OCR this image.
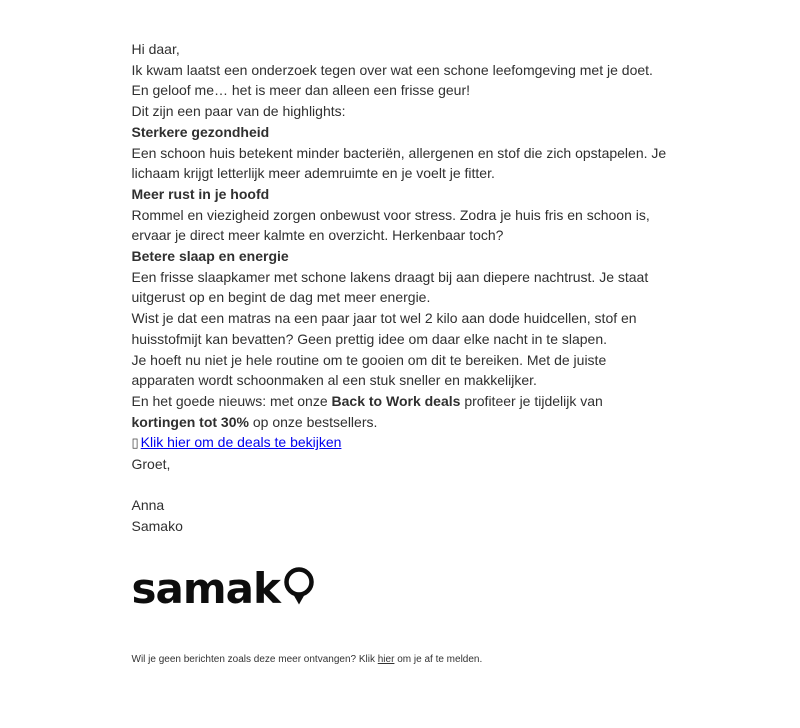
Hi daar,
Ik kwam laatst een onderzoek tegen over wat een schone leefomgeving met je doet.
En geloof me… het is meer dan alleen een frisse geur!
Dit zijn een paar van de highlights:
Sterkere gezondheid
Een schoon huis betekent minder bacteriën, allergenen en stof die zich opstapelen. Je lichaam krijgt letterlijk meer ademruimte en je voelt je fitter.
Meer rust in je hoofd
Rommel en viezigheid zorgen onbewust voor stress. Zodra je huis fris en schoon is, ervaar je direct meer kalmte en overzicht. Herkenbaar toch?
Betere slaap en energie
Een frisse slaapkamer met schone lakens draagt bij aan diepere nachtrust. Je staat uitgerust op en begint de dag met meer energie.
Wist je dat een matras na een paar jaar tot wel 2 kilo aan dode huidcellen, stof en huisstofmijt kan bevatten? Geen prettig idee om daar elke nacht in te slapen.
Je hoeft nu niet je hele routine om te gooien om dit te bereiken. Met de juiste apparaten wordt schoonmaken al een stuk sneller en makkelijker.
En het goede nieuws: met onze Back to Work deals profiteer je tijdelijk van kortingen tot 30% op onze bestsellers.
▯ Klik hier om de deals te bekijken
Groet,
Anna
Samako
samak
Wil je geen berichten zoals deze meer ontvangen? Klik hier om je af te melden.
